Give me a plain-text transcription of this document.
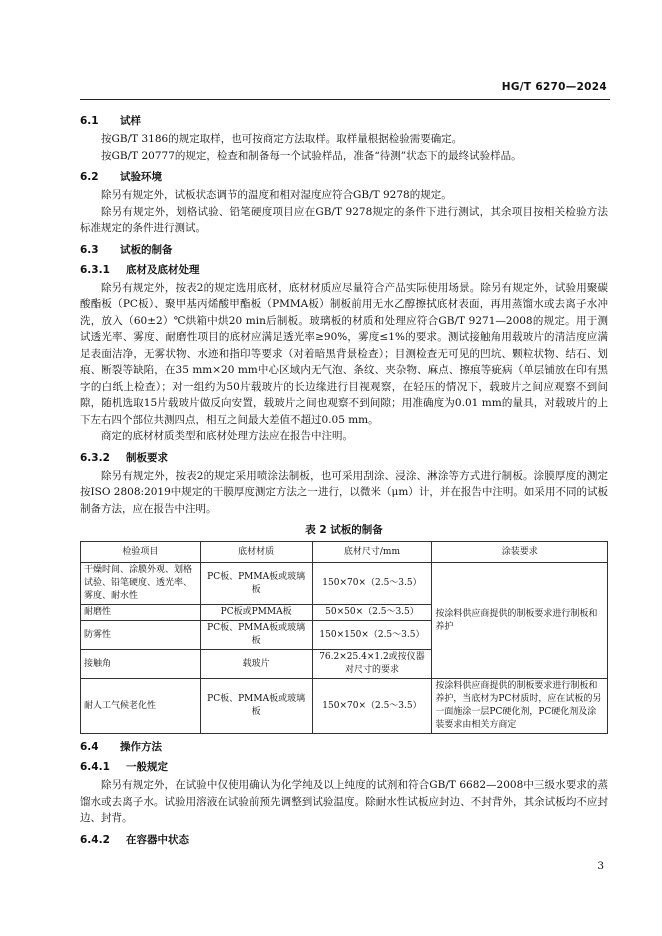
HG/T 6270—2024
6.1 试样

按GB/T 3186的规定取样，也可按商定方法取样。取样量根据检验需要确定。

按GB/T 20777的规定，检查和制备每一个试验样品，准备“待测”状态下的最终试验样品。

6.2 试验环境

除另有规定外，试板状态调节的温度和相对湿度应符合GB/T 9278的规定。

除另有规定外，划格试验、铅笔硬度项目应在GB/T 9278规定的条件下进行测试，其余项目按相关检验方法标准规定的条件进行测试。

6.3 试板的制备
6.3.1 底材及底材处理

除另有规定外，按表2的规定选用底材，底材材质应尽量符合产品实际使用场景。除另有规定外，试验用聚碳酸酯板（PC板）、聚甲基丙烯酸甲酯板（PMMA板）制板前用无水乙醇擦拭底材表面，再用蒸馏水或去离子水冲洗，放入（60±2）℃烘箱中烘20 min后制板。玻璃板的材质和处理应符合GB/T 9271—2008的规定。用于测试透光率、雾度、耐磨性项目的底材应满足透光率≥90%，雾度≤1%的要求。测试接触角用载玻片的清洁度应满足表面洁净，无雾状物、水迹和指印等要求（对着暗黑背景检查）；目测检查无可见的凹坑、颗粒状物、结石、划痕、断裂等缺陷，在35 mm×20 mm中心区域内无气泡、条纹、夹杂物、麻点、擦痕等疵病（单层铺放在印有黑字的白纸上检查）；对一组约为50片载玻片的长边缘进行目视观察，在轻压的情况下，载玻片之间应观察不到间隙，随机选取15片载玻片做反向安置，载玻片之间也观察不到间隙；用准确度为0.01 mm的量具，对载玻片的上下左右四个部位共测四点，相互之间最大差值不超过0.05 mm。

商定的底材材质类型和底材处理方法应在报告中注明。

6.3.2 制板要求

除另有规定外，按表2的规定采用喷涂法制板，也可采用刮涂、浸涂、淋涂等方式进行制板。涂膜厚度的测定按ISO 2808:2019中规定的干膜厚度测定方法之一进行，以微米（μm）计，并在报告中注明。如采用不同的试板制备方法，应在报告中注明。

表 2 试板的制备
检验项目	底材材质	底材尺寸/mm	涂装要求
干燥时间、涂膜外观、划格试验、铅笔硬度、透光率、雾度、耐水性	PC板、PMMA板或玻璃板	150×70×（2.5～3.5）	按涂料供应商提供的制板要求进行制板和养护
耐磨性	PC板或PMMA板	50×50×（2.5～3.5）	
防雾性	PC板、PMMA板或玻璃板	150×150×（2.5～3.5）	
接触角	载玻片	76.2×25.4×1.2或按仪器对尺寸的要求	
耐人工气候老化性	PC板、PMMA板或玻璃板	150×70×（2.5～3.5）	按涂料供应商提供的制板要求进行制板和养护，当底材为PC材质时，应在试板的另一面施涂一层PC硬化剂，PC硬化剂及涂装要求由相关方商定
6.4 操作方法
6.4.1 一般规定

除另有规定外，在试验中仅使用确认为化学纯及以上纯度的试剂和符合GB/T 6682—2008中三级水要求的蒸馏水或去离子水。试验用溶液在试验前预先调整到试验温度。除耐水性试板应封边、不封背外，其余试板均不应封边、封背。

6.4.2 在容器中状态
3
